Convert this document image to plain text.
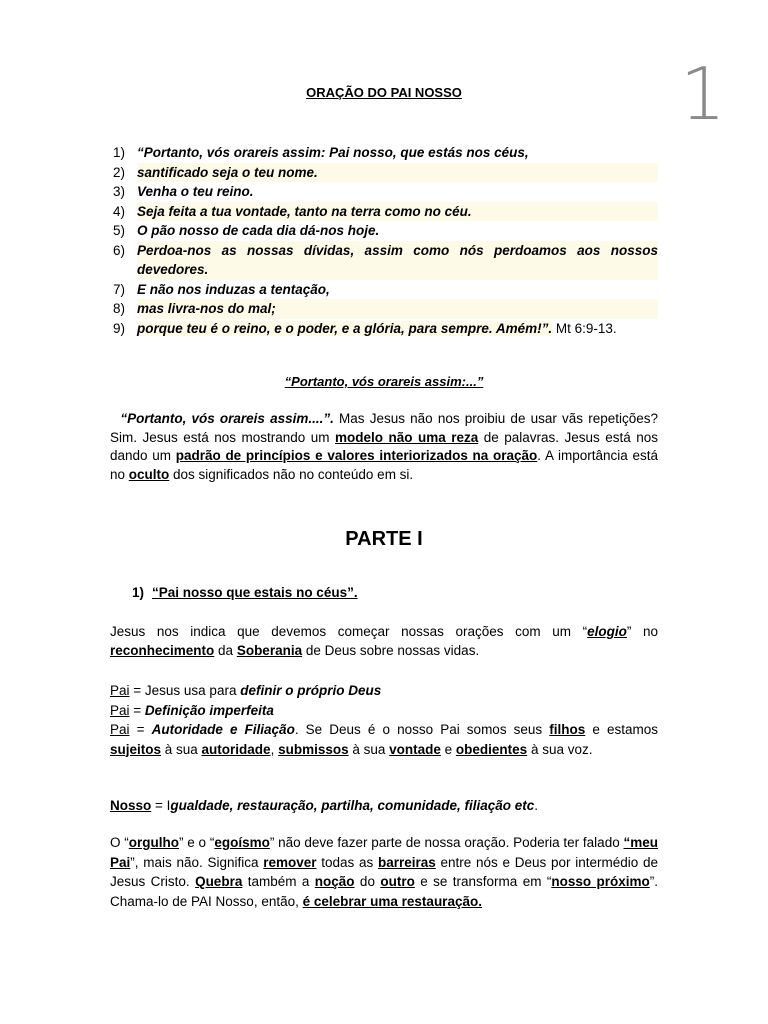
1
ORAÇÃO DO PAI NOSSO
1) “Portanto, vós orareis assim: Pai nosso, que estás nos céus,
2) santificado seja o teu nome.
3) Venha o teu reino.
4) Seja feita a tua vontade, tanto na terra como no céu.
5) O pão nosso de cada dia dá-nos hoje.
6) Perdoa-nos as nossas dívidas, assim como nós perdoamos aos nossos devedores.
7) E não nos induzas a tentação,
8) mas livra-nos do mal;
9) porque teu é o reino, e o poder, e a glória, para sempre. Amém!”. Mt 6:9-13.
“Portanto, vós orareis assim:...”
“Portanto, vós orareis assim....”. Mas Jesus não nos proibiu de usar vãs repetições? Sim. Jesus está nos mostrando um modelo não uma reza de palavras. Jesus está nos dando um padrão de princípios e valores interiorizados na oração. A importância está no oculto dos significados não no conteúdo em si.
PARTE I
1) “Pai nosso que estais no céus”.
Jesus nos indica que devemos começar nossas orações com um “elogio” no reconhecimento da Soberania de Deus sobre nossas vidas.
Pai = Jesus usa para definir o próprio Deus
Pai = Definição imperfeita
Pai = Autoridade e Filiação. Se Deus é o nosso Pai somos seus filhos e estamos sujeitos à sua autoridade, submissos à sua vontade e obedientes à sua voz.
Nosso = Igualdade, restauração, partilha, comunidade, filiação etc.
O “orgulho” e o “egoísmo” não deve fazer parte de nossa oração. Poderia ter falado “meu Pai”, mais não. Significa remover todas as barreiras entre nós e Deus por intermédio de Jesus Cristo. Quebra também a noção do outro e se transforma em “nosso próximo”. Chama-lo de PAI Nosso, então, é celebrar uma restauração.
